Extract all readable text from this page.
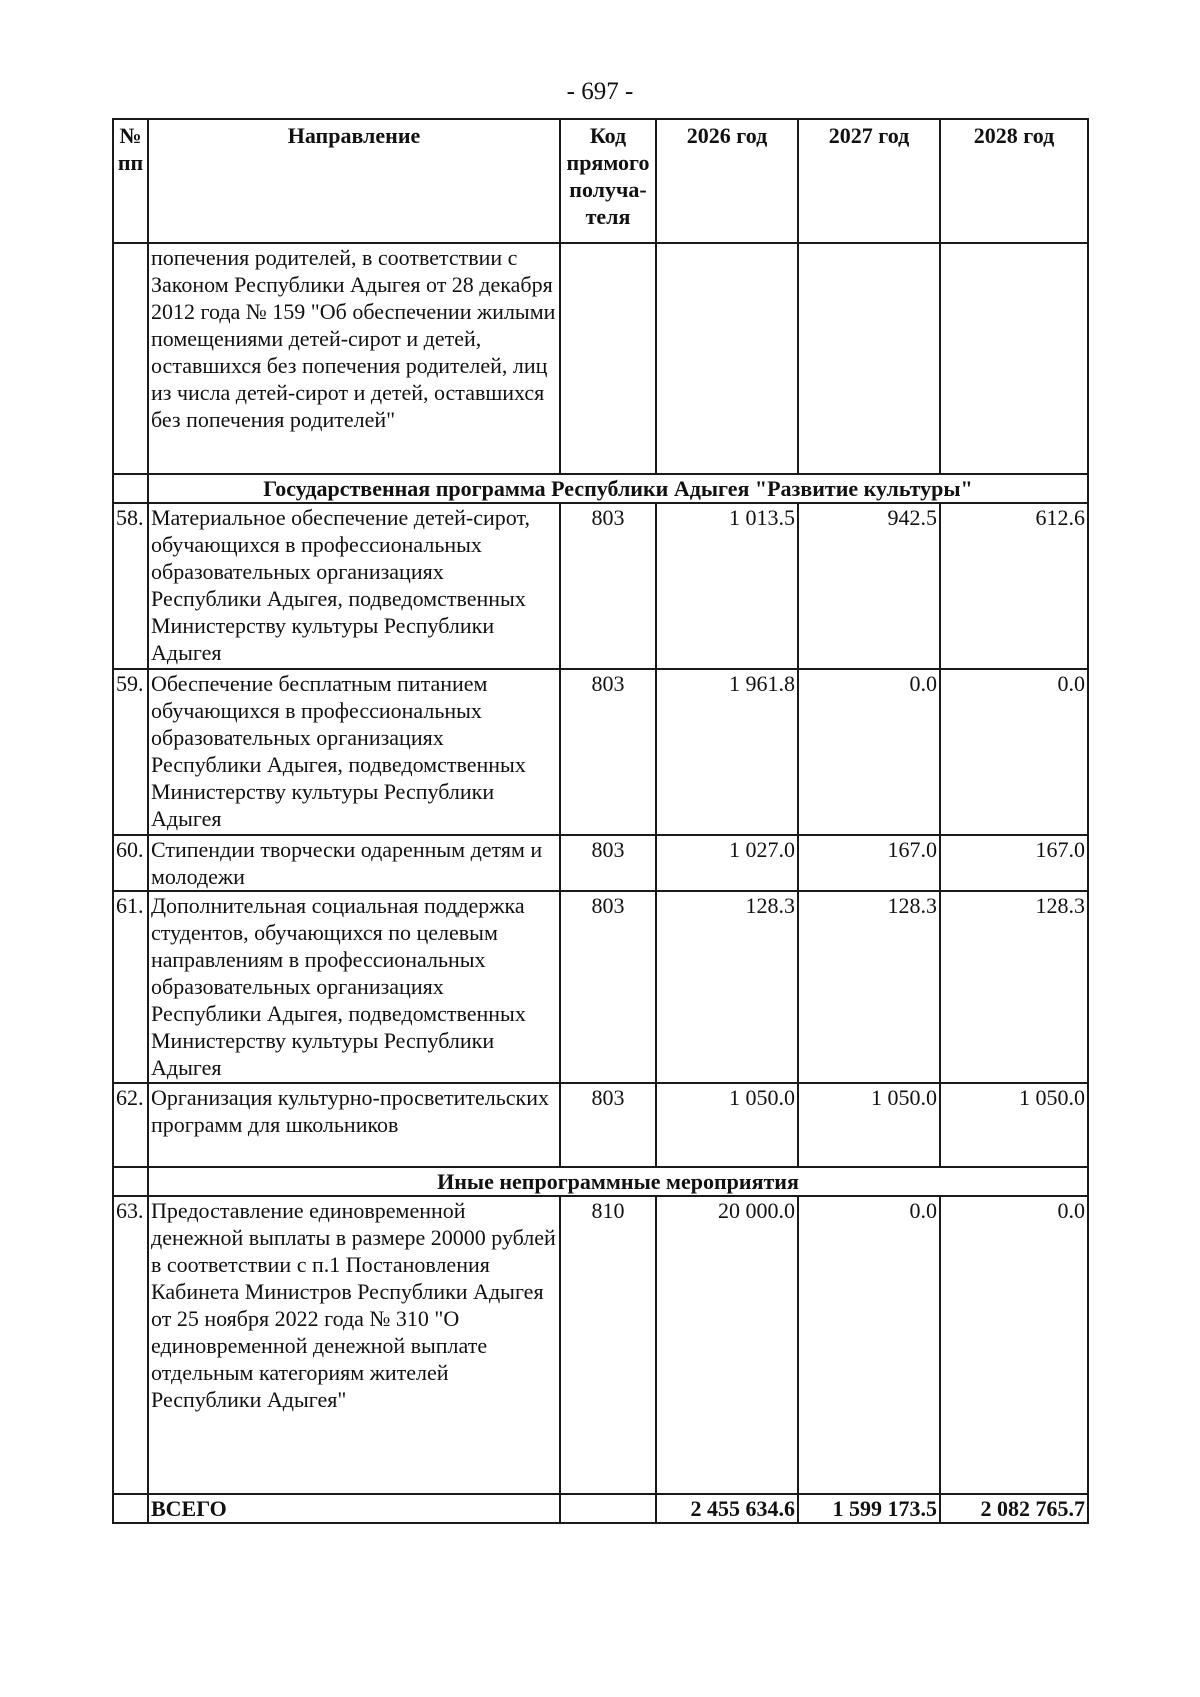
- 697 -
№
пп	Направление	Код прямого получа-теля	2026 год	2027 год	2028 год
	попечения родителей, в соответствии с Законом Республики Адыгея от 28 декабря 2012 года № 159 "Об обеспечении жилыми помещениями детей-сирот и детей, оставшихся без попечения родителей, лиц из числа детей-сирот и детей, оставшихся без попечения родителей"				
	Государственная программа Республики Адыгея "Развитие культуры"				
58.	Материальное обеспечение детей-сирот, обучающихся в профессиональных образовательных организациях Республики Адыгея, подведомственных Министерству культуры Республики Адыгея	803	1 013.5	942.5	612.6
59.	Обеспечение бесплатным питанием обучающихся в профессиональных образовательных организациях Республики Адыгея, подведомственных Министерству культуры Республики Адыгея	803	1 961.8	0.0	0.0
60.	Стипендии творчески одаренным детям и молодежи	803	1 027.0	167.0	167.0
61.	Дополнительная социальная поддержка студентов, обучающихся по целевым направлениям в профессиональных образовательных организациях Республики Адыгея, подведомственных Министерству культуры Республики Адыгея	803	128.3	128.3	128.3
62.	Организация культурно-просветительских программ для школьников	803	1 050.0	1 050.0	1 050.0
	Иные непрограммные мероприятия				
63.	Предоставление единовременной денежной выплаты в размере 20000 рублей в соответствии с п.1 Постановления Кабинета Министров Республики Адыгея от 25 ноября 2022 года № 310 "О единовременной денежной выплате отдельным категориям жителей Республики Адыгея"	810	20 000.0	0.0	0.0
	ВСЕГО		2 455 634.6	1 599 173.5	2 082 765.7
